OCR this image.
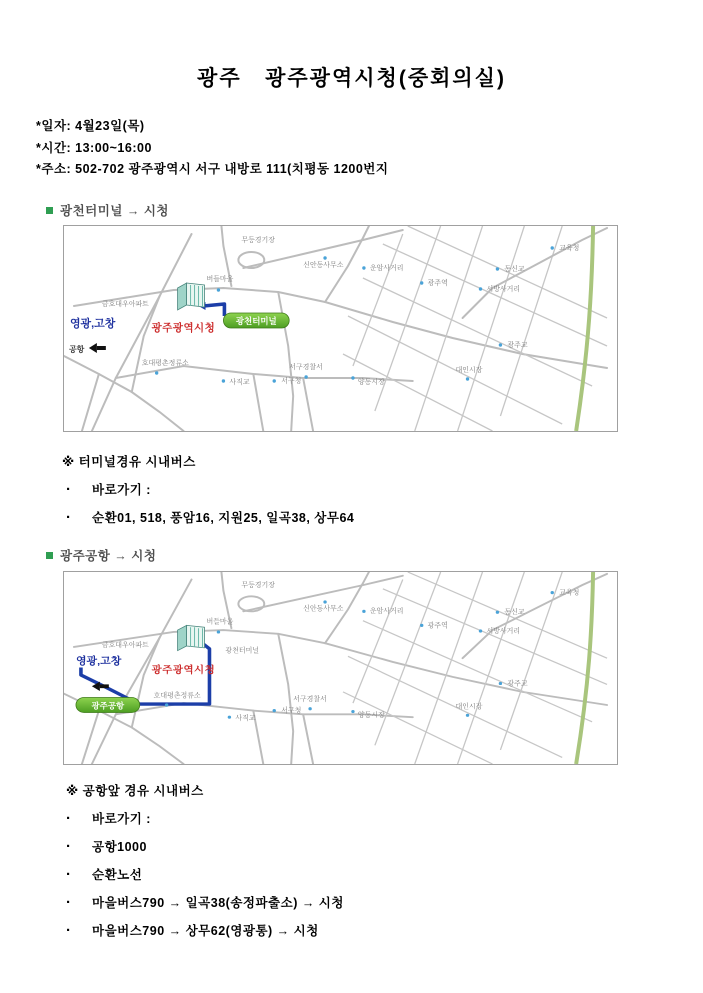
광주   광주광역시청(중회의실)
*일자: 4월23일(목)
*시간: 13:00~16:00
*주소: 502-702 광주광역시 서구 내방로 111(치평동 1200번지
광천터미널 → 시청
광천터미널
광주광역시청
영광,고창
공항
금호대우아파트
버들마을
무등경기장
신안동사무소	운암사거리
광주역
서방사거리
동신교
교육청
광주교
대인시장
호대평촌정류소
사직교	서구청
서구경찰서
양동시장
※ 터미널경유 시내버스
·	바로가기 :
·	순환01, 518, 풍암16, 지원25, 일곡38, 상무64
광주공항 → 시청
광천터미널
광주광역시청
영광,고창
광주공항
금호대우아파트
버들마을
무등경기장
신안동사무소	운암사거리
광주역
서방사거리
동신교
교육청
광주교
대인시장
호대평촌정류소
사직교
서구청
서구경찰서
양동시장
※ 공항앞 경유 시내버스
·	바로가기 :
·	공항1000
·	순환노선
·	마을버스790 → 일곡38(송정파출소) → 시청
·	마을버스790 → 상무62(영광통) → 시청
